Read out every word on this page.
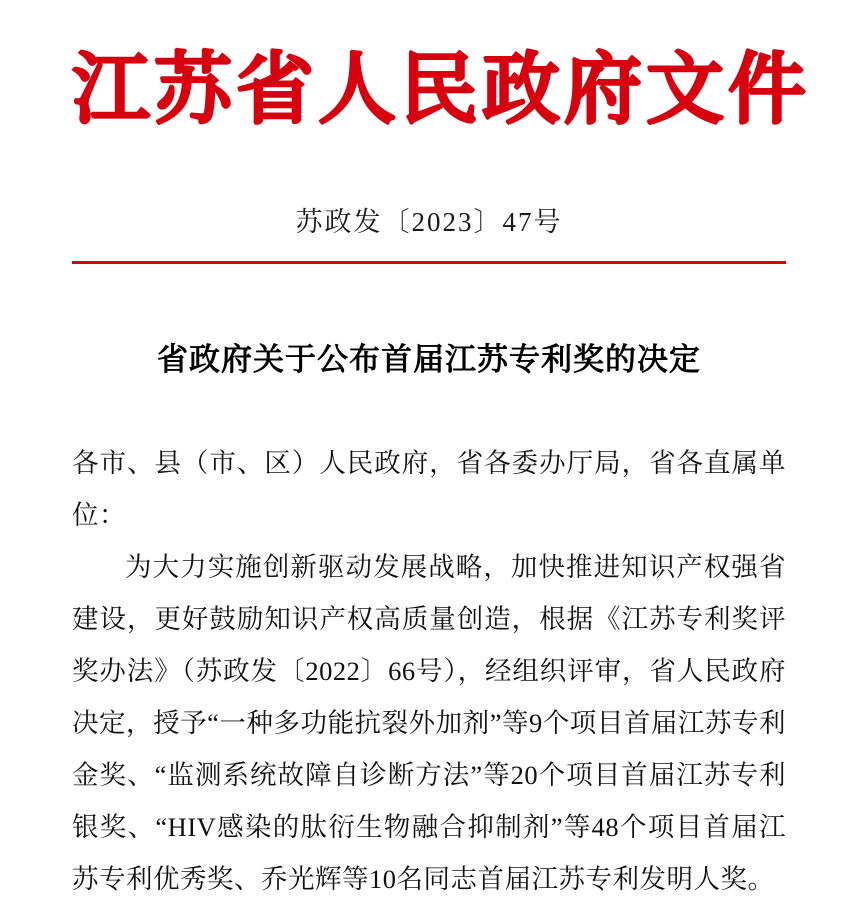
江苏省人民政府文件
苏政发〔2023〕47号
省政府关于公布首届江苏专利奖的决定

各市、县（市、区）人民政府，省各委办厅局，省各直属单位：

为大力实施创新驱动发展战略，加快推进知识产权强省建设，更好鼓励知识产权高质量创造，根据《江苏专利奖评奖办法》（苏政发〔2022〕66号），经组织评审，省人民政府决定，授予“一种多功能抗裂外加剂”等9个项目首届江苏专利金奖、“监测系统故障自诊断方法”等20个项目首届江苏专利银奖、“HIV感染的肽衍生物融合抑制剂”等48个项目首届江苏专利优秀奖、乔光辉等10名同志首届江苏专利发明人奖。
